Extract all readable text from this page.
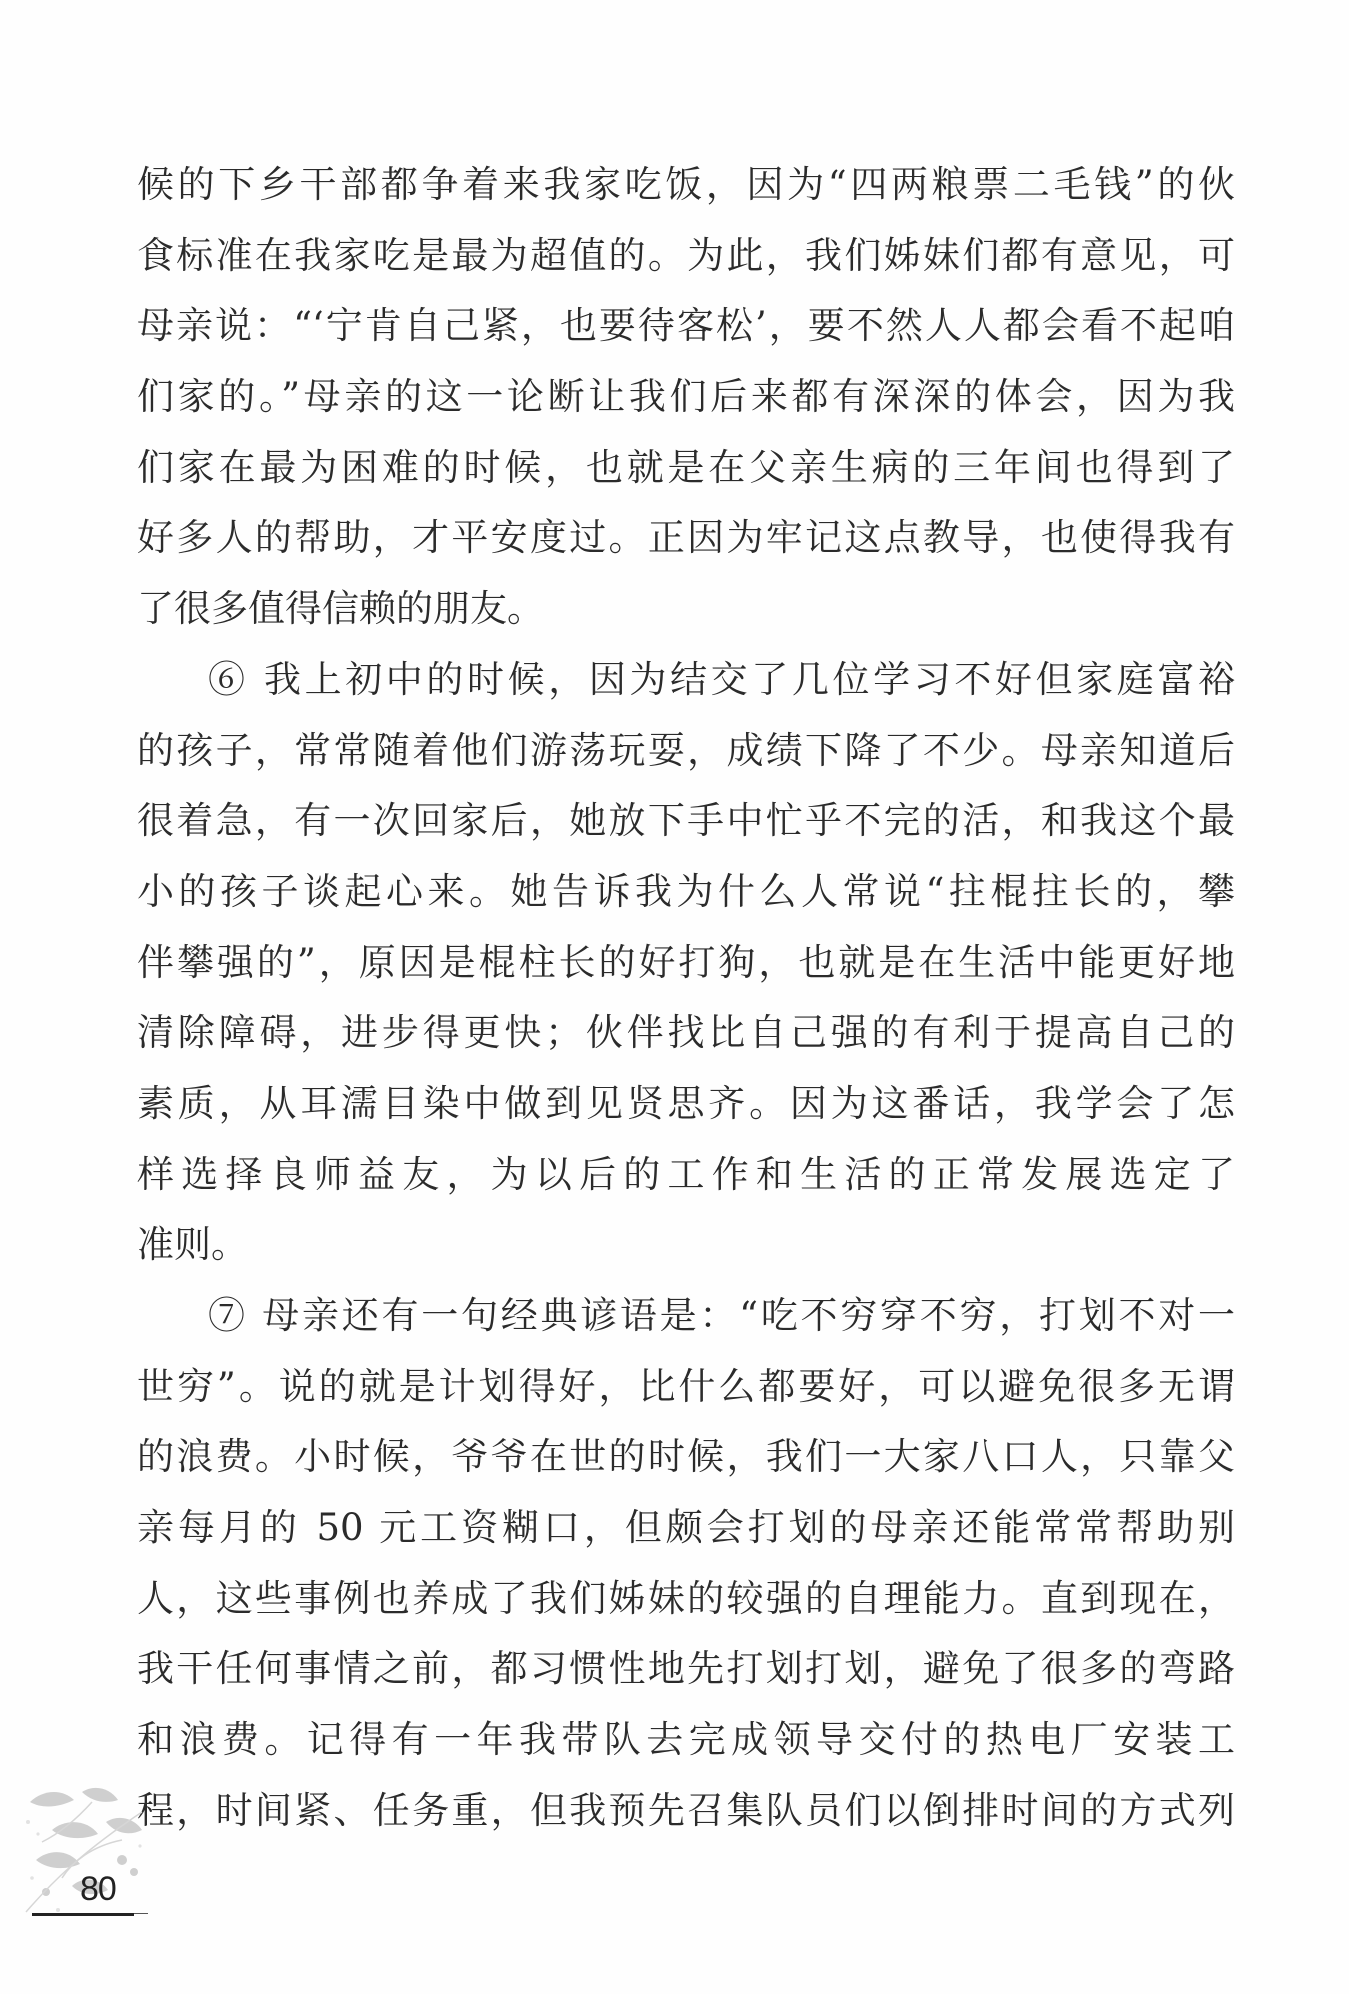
候的下乡干部都争着来我家吃饭，因为“四两粮票二毛钱”的伙
食标准在我家吃是最为超值的。为此，我们姊妹们都有意见，可
母亲说：“‘宁肯自己紧，也要待客松’，要不然人人都会看不起咱
们家的。”母亲的这一论断让我们后来都有深深的体会，因为我
们家在最为困难的时候，也就是在父亲生病的三年间也得到了
好多人的帮助，才平安度过。正因为牢记这点教导，也使得我有
了很多值得信赖的朋友。
⑥ 我上初中的时候，因为结交了几位学习不好但家庭富裕
的孩子，常常随着他们游荡玩耍，成绩下降了不少。母亲知道后
很着急，有一次回家后，她放下手中忙乎不完的活，和我这个最
小的孩子谈起心来。她告诉我为什么人常说“拄棍拄长的，攀
伴攀强的”，原因是棍柱长的好打狗，也就是在生活中能更好地
清除障碍，进步得更快；伙伴找比自己强的有利于提高自己的
素质，从耳濡目染中做到见贤思齐。因为这番话，我学会了怎
样选择良师益友，为以后的工作和生活的正常发展选定了
准则。
⑦ 母亲还有一句经典谚语是：“吃不穷穿不穷，打划不对一
世穷”。说的就是计划得好，比什么都要好，可以避免很多无谓
的浪费。小时候，爷爷在世的时候，我们一大家八口人，只靠父
亲每月的 50 元工资糊口，但颇会打划的母亲还能常常帮助别
人，这些事例也养成了我们姊妹的较强的自理能力。直到现在，
我干任何事情之前，都习惯性地先打划打划，避免了很多的弯路
和浪费。记得有一年我带队去完成领导交付的热电厂安装工
程，时间紧、任务重，但我预先召集队员们以倒排时间的方式列
80
